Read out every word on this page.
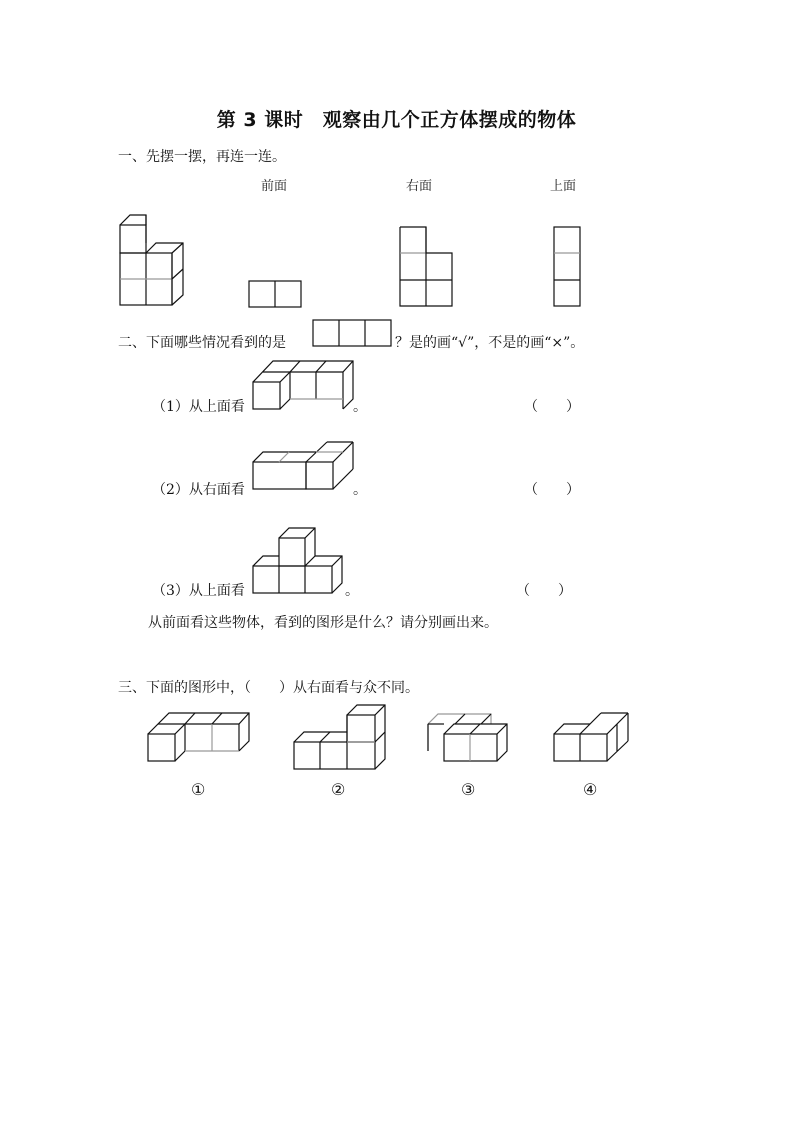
第 3 课时　观察由几个正方体摆成的物体
一、先摆一摆，再连一连。
前面	右面	上面
二、下面哪些情况看到的是	？是的画“√”，不是的画“×”。
（1）从上面看	。	（　　）
（2）从右面看	。	（　　）
（3）从上面看	。	（　　）
从前面看这些物体，看到的图形是什么？请分别画出来。
三、下面的图形中，（　　）从右面看与众不同。
①	②	③	④
